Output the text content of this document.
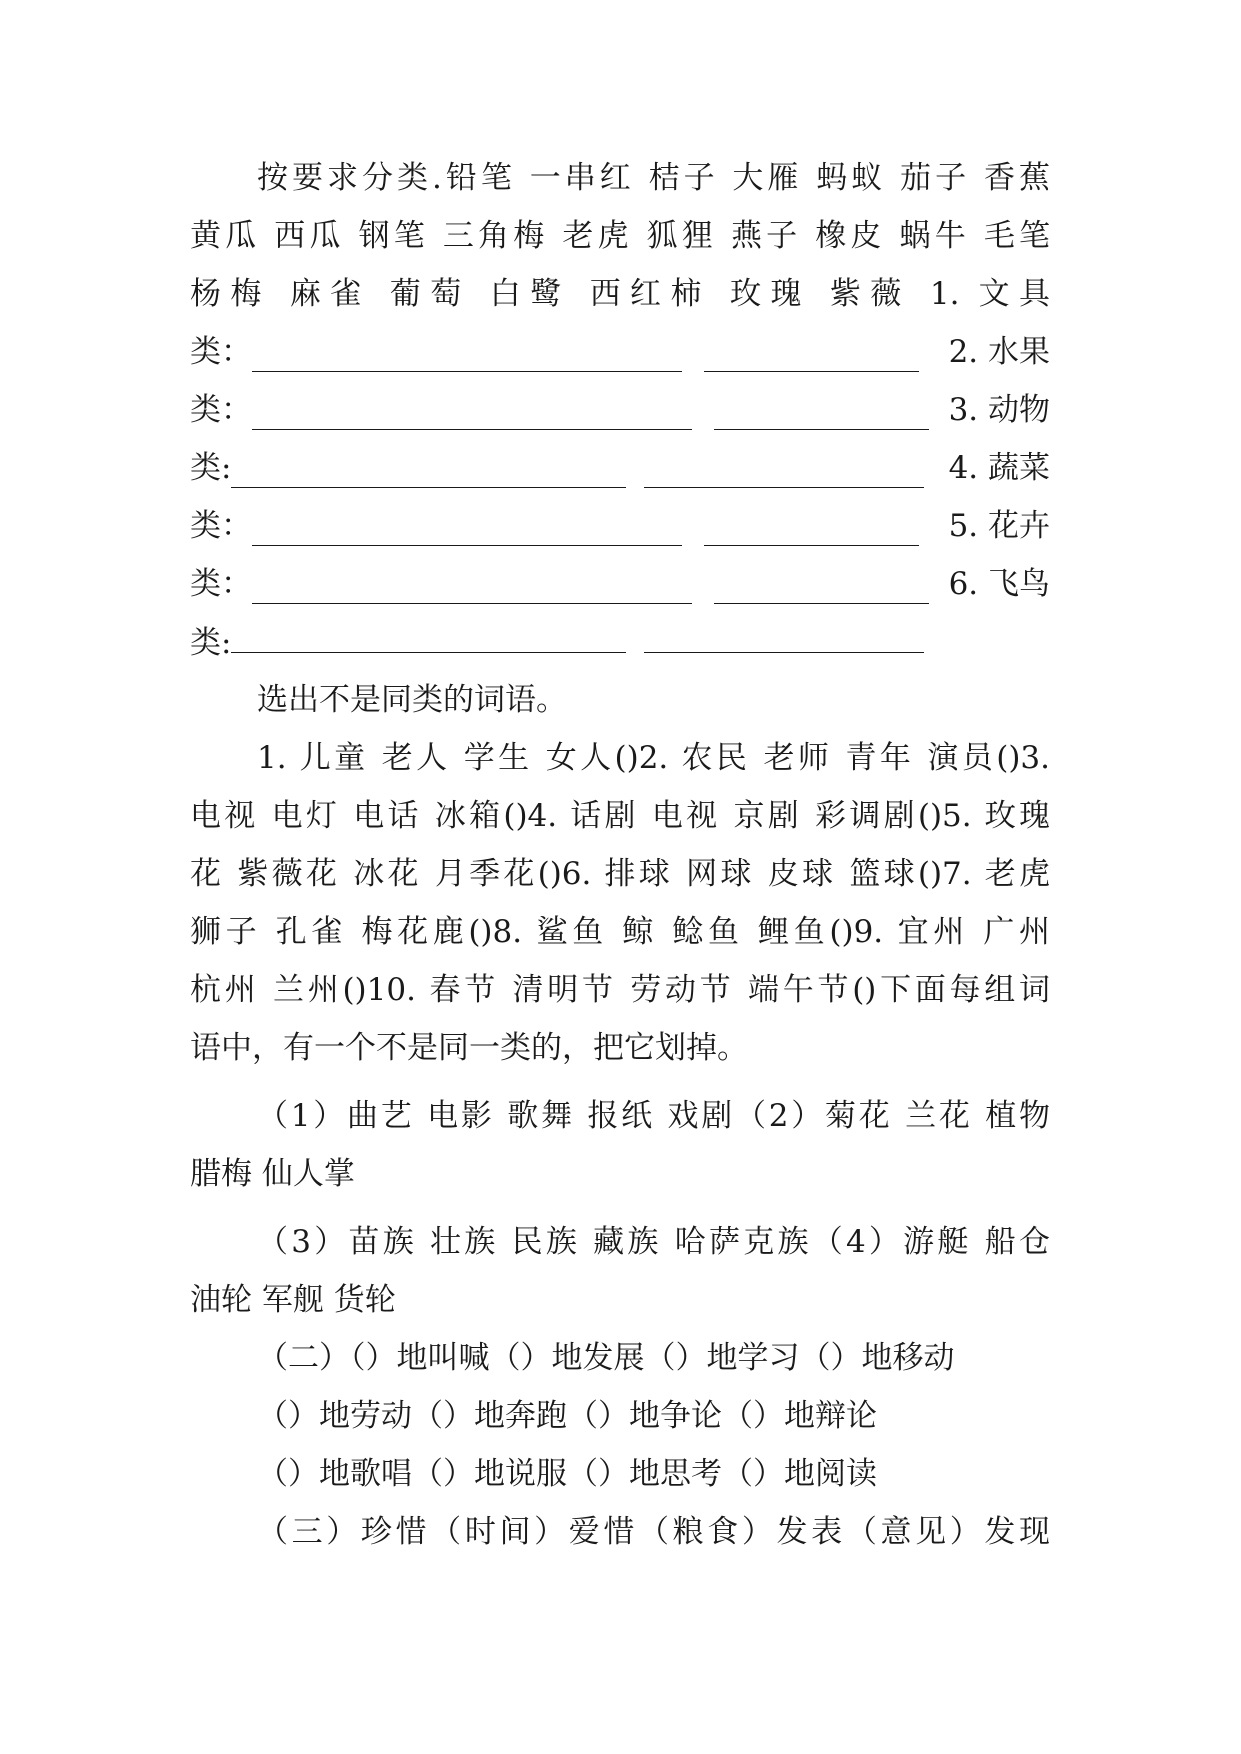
按要求分类.铅笔 一串红 桔子 大雁 蚂蚁 茄子 香蕉
黄瓜 西瓜 钢笔 三角梅 老虎 狐狸 燕子 橡皮 蜗牛 毛笔
杨梅 麻雀 葡萄 白鹭 西红柿 玫瑰 紫薇 1. 文具
类：	2. 水果
类：	3. 动物
类:	4. 蔬菜
类：	5. 花卉
类：	6. 飞鸟
类:
选出不是同类的词语。
1. 儿童 老人 学生 女人()2. 农民 老师 青年 演员()3.
电视 电灯 电话 冰箱()4. 话剧 电视 京剧 彩调剧()5. 玫瑰
花 紫薇花 冰花 月季花()6. 排球 网球 皮球 篮球()7. 老虎
狮子 孔雀 梅花鹿()8. 鲨鱼 鲸 鲶鱼 鲤鱼()9. 宜州 广州
杭州 兰州()10. 春节 清明节 劳动节 端午节()下面每组词
语中，有一个不是同一类的，把它划掉。
（1）曲艺 电影 歌舞 报纸 戏剧（2）菊花 兰花 植物
腊梅 仙人掌
（3）苗族 壮族 民族 藏族 哈萨克族（4）游艇 船仓
油轮 军舰 货轮
（二）（）地叫喊（）地发展（）地学习（）地移动
（）地劳动（）地奔跑（）地争论（）地辩论
（）地歌唱（）地说服（）地思考（）地阅读
（三）珍惜（时间）爱惜（粮食）发表（意见）发现
